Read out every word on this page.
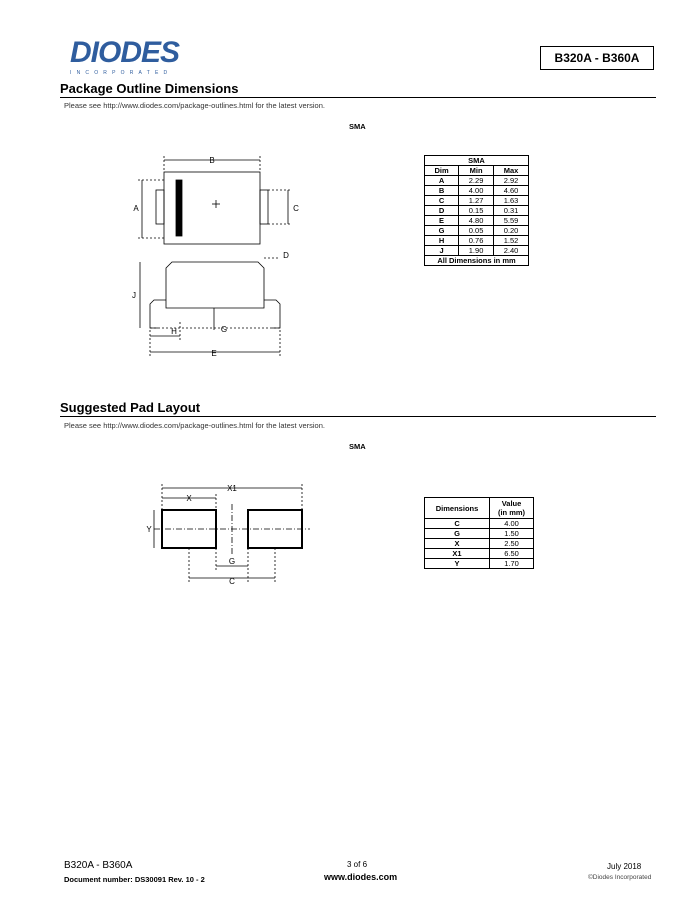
DIODES
INCORPORATED
B320A - B360A
Package Outline Dimensions
Please see http://www.diodes.com/package-outlines.html for the latest version.
SMA
B
A	C
D
J
H	G
E
SMA		
Dim	Min	Max
A	2.29	2.92
B	4.00	4.60
C	1.27	1.63
D	0.15	0.31
E	4.80	5.59
G	0.05	0.20
H	0.76	1.52
J	1.90	2.40
All Dimensions in mm		
Suggested Pad Layout
Please see http://www.diodes.com/package-outlines.html for the latest version.
SMA
X1
X
Y
G
C
Dimensions	Value
(in mm)
C	4.00
G	1.50
X	2.50
X1	6.50
Y	1.70
B320A - B360A
Document number: DS30091 Rev. 10 - 2
3 of 6
www.diodes.com
July 2018
©Diodes Incorporated
